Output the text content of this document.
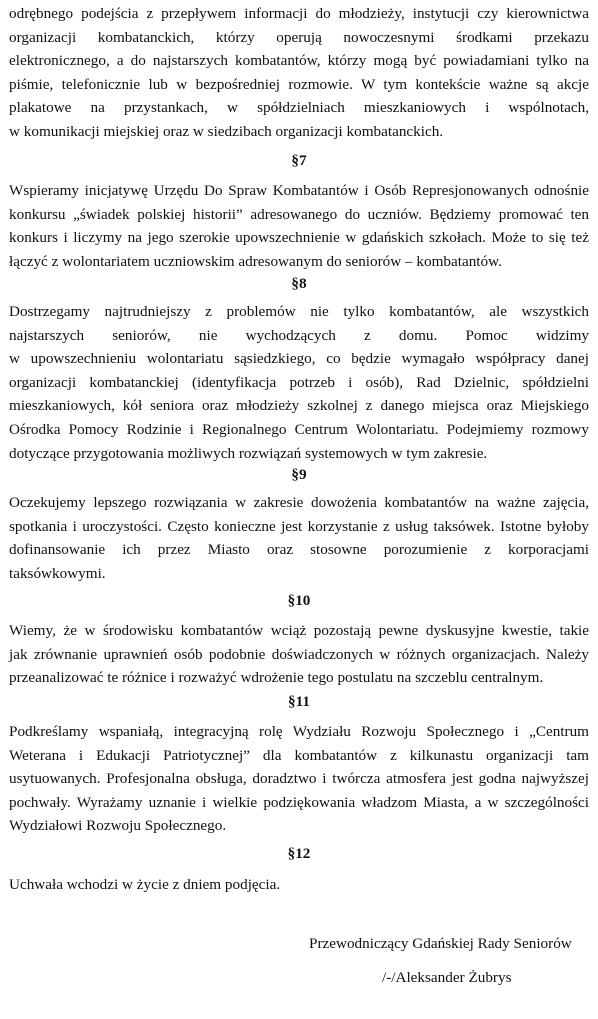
odrębnego podejścia z przepływem informacji do młodzieży, instytucji czy kierownictwa
organizacji kombatanckich, którzy operują nowoczesnymi środkami przekazu
elektronicznego, a do najstarszych kombatantów, którzy mogą być powiadamiani tylko na
piśmie, telefonicznie lub w bezpośredniej rozmowie. W tym kontekście ważne są akcje
plakatowe na przystankach, w spółdzielniach mieszkaniowych i wspólnotach,
w komunikacji miejskiej oraz w siedzibach organizacji kombatanckich.
§7
Wspieramy inicjatywę Urzędu Do Spraw Kombatantów i Osób Represjonowanych odnośnie
konkursu „świadek polskiej historii” adresowanego do uczniów. Będziemy promować ten
konkurs i liczymy na jego szerokie upowszechnienie w gdańskich szkołach. Może to się też
łączyć z wolontariatem uczniowskim adresowanym do seniorów – kombatantów.
§8
Dostrzegamy najtrudniejszy z problemów nie tylko kombatantów, ale wszystkich
najstarszych seniorów, nie wychodzących z domu. Pomoc widzimy
w upowszechnieniu wolontariatu sąsiedzkiego, co będzie wymagało współpracy danej
organizacji kombatanckiej (identyfikacja potrzeb i osób), Rad Dzielnic, spółdzielni
mieszkaniowych, kół seniora oraz młodzieży szkolnej z danego miejsca oraz Miejskiego
Ośrodka Pomocy Rodzinie i Regionalnego Centrum Wolontariatu. Podejmiemy rozmowy
dotyczące przygotowania możliwych rozwiązań systemowych w tym zakresie.
§9
Oczekujemy lepszego rozwiązania w zakresie dowożenia kombatantów na ważne zajęcia,
spotkania i uroczystości. Często konieczne jest korzystanie z usług taksówek. Istotne byłoby
dofinansowanie ich przez Miasto oraz stosowne porozumienie z korporacjami
taksówkowymi.
§10
Wiemy, że w środowisku kombatantów wciąż pozostają pewne dyskusyjne kwestie, takie
jak zrównanie uprawnień osób podobnie doświadczonych w różnych organizacjach. Należy
przeanalizować te różnice i rozważyć wdrożenie tego postulatu na szczeblu centralnym.
§11
Podkreślamy wspaniałą, integracyjną rolę Wydziału Rozwoju Społecznego i „Centrum
Weterana i Edukacji Patriotycznej” dla kombatantów z kilkunastu organizacji tam
usytuowanych. Profesjonalna obsługa, doradztwo i twórcza atmosfera jest godna najwyższej
pochwały. Wyrażamy uznanie i wielkie podziękowania władzom Miasta, a w szczególności
Wydziałowi Rozwoju Społecznego.
§12
Uchwała wchodzi w życie z dniem podjęcia.
Przewodniczący Gdańskiej Rady Seniorów
/-/Aleksander Żubrys
